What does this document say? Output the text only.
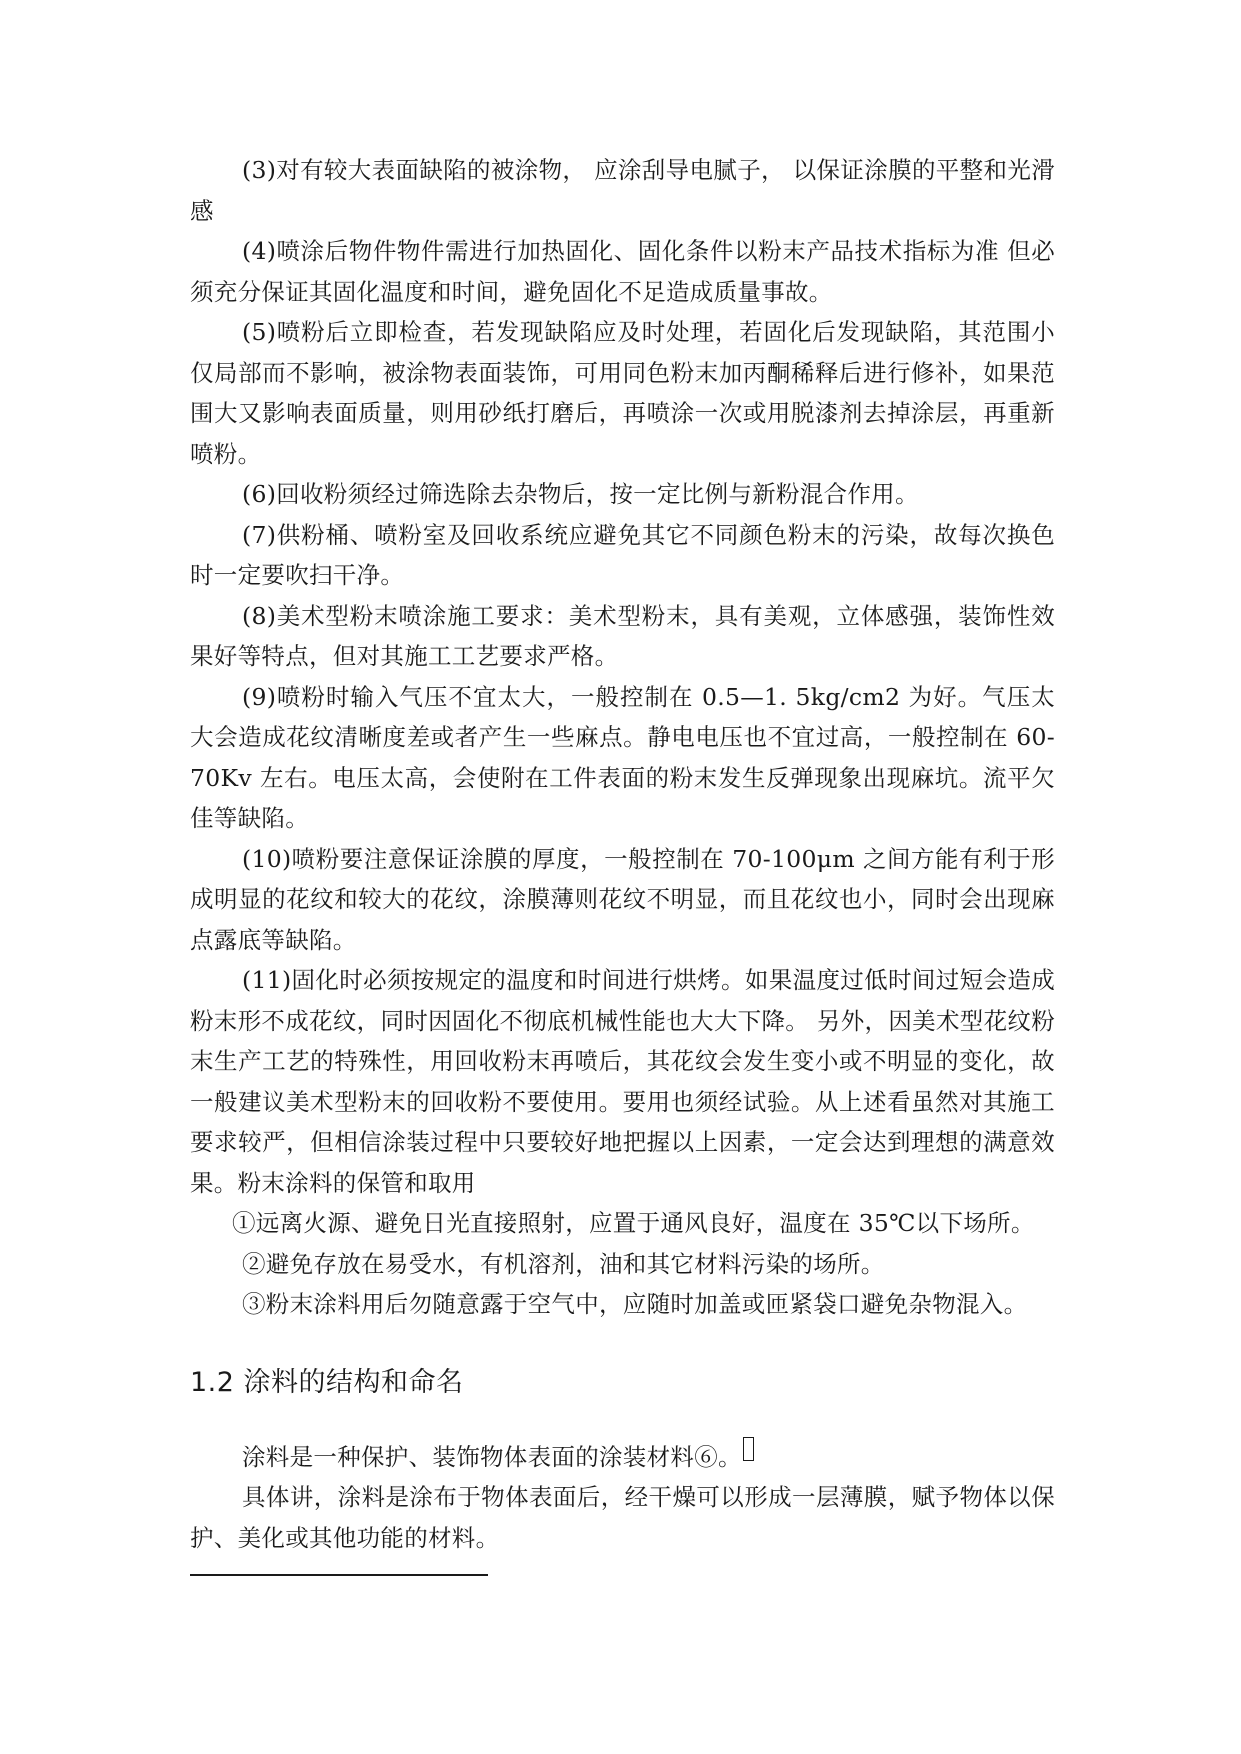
(3)对有较大表面缺陷的被涂物， 应涂刮导电腻子， 以保证涂膜的平整和光滑感

(4)喷涂后物件物件需进行加热固化、固化条件以粉末产品技术指标为准 但必须充分保证其固化温度和时间，避免固化不足造成质量事故。

(5)喷粉后立即检查，若发现缺陷应及时处理，若固化后发现缺陷，其范围小仅局部而不影响，被涂物表面装饰，可用同色粉末加丙酮稀释后进行修补，如果范围大又影响表面质量，则用砂纸打磨后，再喷涂一次或用脱漆剂去掉涂层，再重新喷粉。

(6)回收粉须经过筛选除去杂物后，按一定比例与新粉混合作用。

(7)供粉桶、喷粉室及回收系统应避免其它不同颜色粉末的污染，故每次换色时一定要吹扫干净。

(8)美术型粉末喷涂施工要求：美术型粉末，具有美观，立体感强，装饰性效果好等特点，但对其施工工艺要求严格。

(9)喷粉时输入气压不宜太大，一般控制在 0.5—1. 5kg/cm2 为好。气压太大会造成花纹清晰度差或者产生一些麻点。静电电压也不宜过高，一般控制在 60-70Kv 左右。电压太高，会使附在工件表面的粉末发生反弹现象出现麻坑。流平欠佳等缺陷。

(10)喷粉要注意保证涂膜的厚度，一般控制在 70-100μm 之间方能有利于形成明显的花纹和较大的花纹，涂膜薄则花纹不明显，而且花纹也小，同时会出现麻点露底等缺陷。

(11)固化时必须按规定的温度和时间进行烘烤。如果温度过低时间过短会造成粉末形不成花纹，同时因固化不彻底机械性能也大大下降。 另外，因美术型花纹粉末生产工艺的特殊性，用回收粉末再喷后，其花纹会发生变小或不明显的变化，故一般建议美术型粉末的回收粉不要使用。要用也须经试验。从上述看虽然对其施工要求较严，但相信涂装过程中只要较好地把握以上因素，一定会达到理想的满意效果。粉末涂料的保管和取用

①远离火源、避免日光直接照射，应置于通风良好，温度在 35℃以下场所。

②避免存放在易受水，有机溶剂，油和其它材料污染的场所。

③粉末涂料用后勿随意露于空气中，应随时加盖或匝紧袋口避免杂物混入。

1.2 涂料的结构和命名

涂料是一种保护、装饰物体表面的涂装材料⑥。

具体讲，涂料是涂布于物体表面后，经干燥可以形成一层薄膜，赋予物体以保护、美化或其他功能的材料。
